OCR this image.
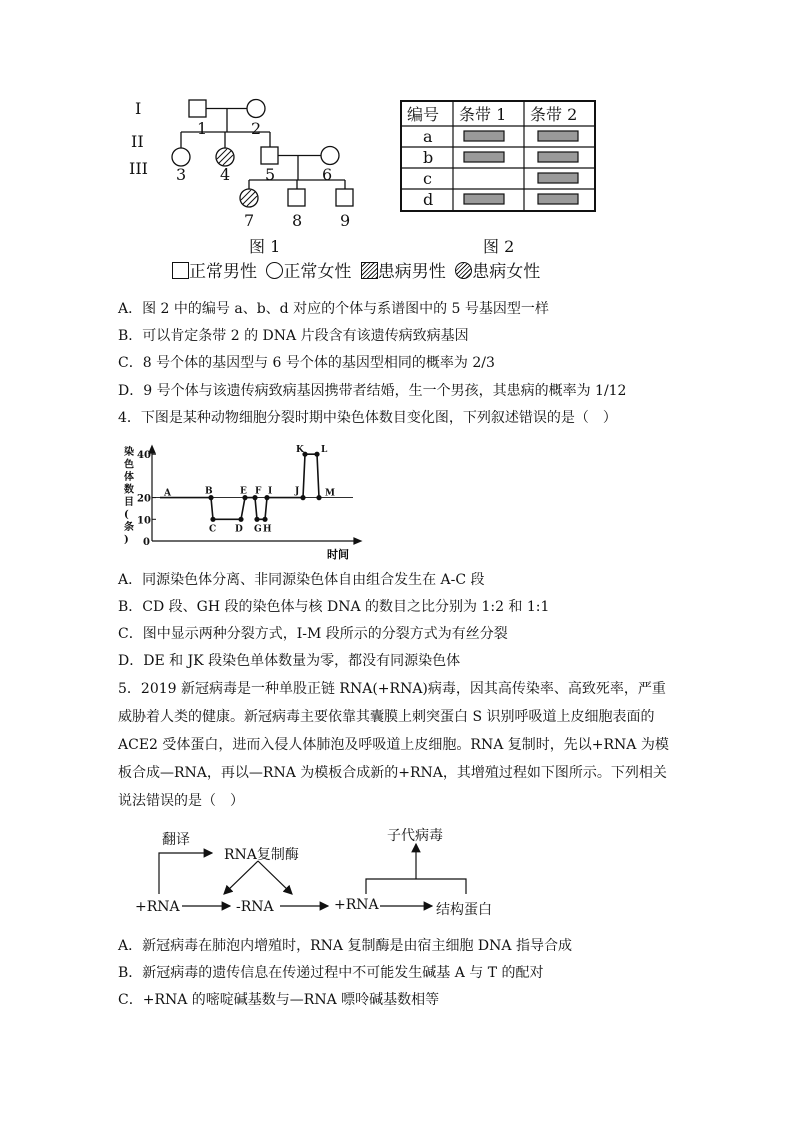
I
II
III
1	2
3 4 5	6
7 8 9
图 1
编号 条带 1 条带 2
a
b
c
d
图 2
正常男性 正常女性 患病男性 患病女性
A．图 2 中的编号 a、b、d 对应的个体与系谱图中的 5 号基因型一样
B．可以肯定条带 2 的 DNA 片段含有该遗传病致病基因
C．8 号个体的基因型与 6 号个体的基因型相同的概率为 2/3
D．9 号个体与该遗传病致病基因携带者结婚，生一个男孩，其患病的概率为 1/12
4．下图是某种动物细胞分裂时期中染色体数目变化图，下列叙述错误的是（　）
染色体数目(条)	0
10
20
40
A	B
C D
E F
G H
I	J
K L
M
时间
A．同源染色体分离、非同源染色体自由组合发生在 A-C 段
B．CD 段、GH 段的染色体与核 DNA 的数目之比分别为 1:2 和 1:1
C．图中显示两种分裂方式，I-M 段所示的分裂方式为有丝分裂
D．DE 和 JK 段染色单体数量为零，都没有同源染色体
5．2019 新冠病毒是一种单股正链 RNA(+RNA)病毒，因其高传染率、高致死率，严重威胁着人类的健康。新冠病毒主要依靠其囊膜上刺突蛋白 S 识别呼吸道上皮细胞表面的 ACE2 受体蛋白，进而入侵人体肺泡及呼吸道上皮细胞。RNA 复制时，先以+RNA 为模板合成—RNA，再以—RNA 为模板合成新的+RNA，其增殖过程如下图所示。下列相关说法错误的是（　）
翻译
RNA复制酶
+RNA	-RNA	+RNA
子代病毒
结构蛋白
A．新冠病毒在肺泡内增殖时，RNA 复制酶是由宿主细胞 DNA 指导合成
B．新冠病毒的遗传信息在传递过程中不可能发生碱基 A 与 T 的配对
C．+RNA 的嘧啶碱基数与—RNA 嘌呤碱基数相等
